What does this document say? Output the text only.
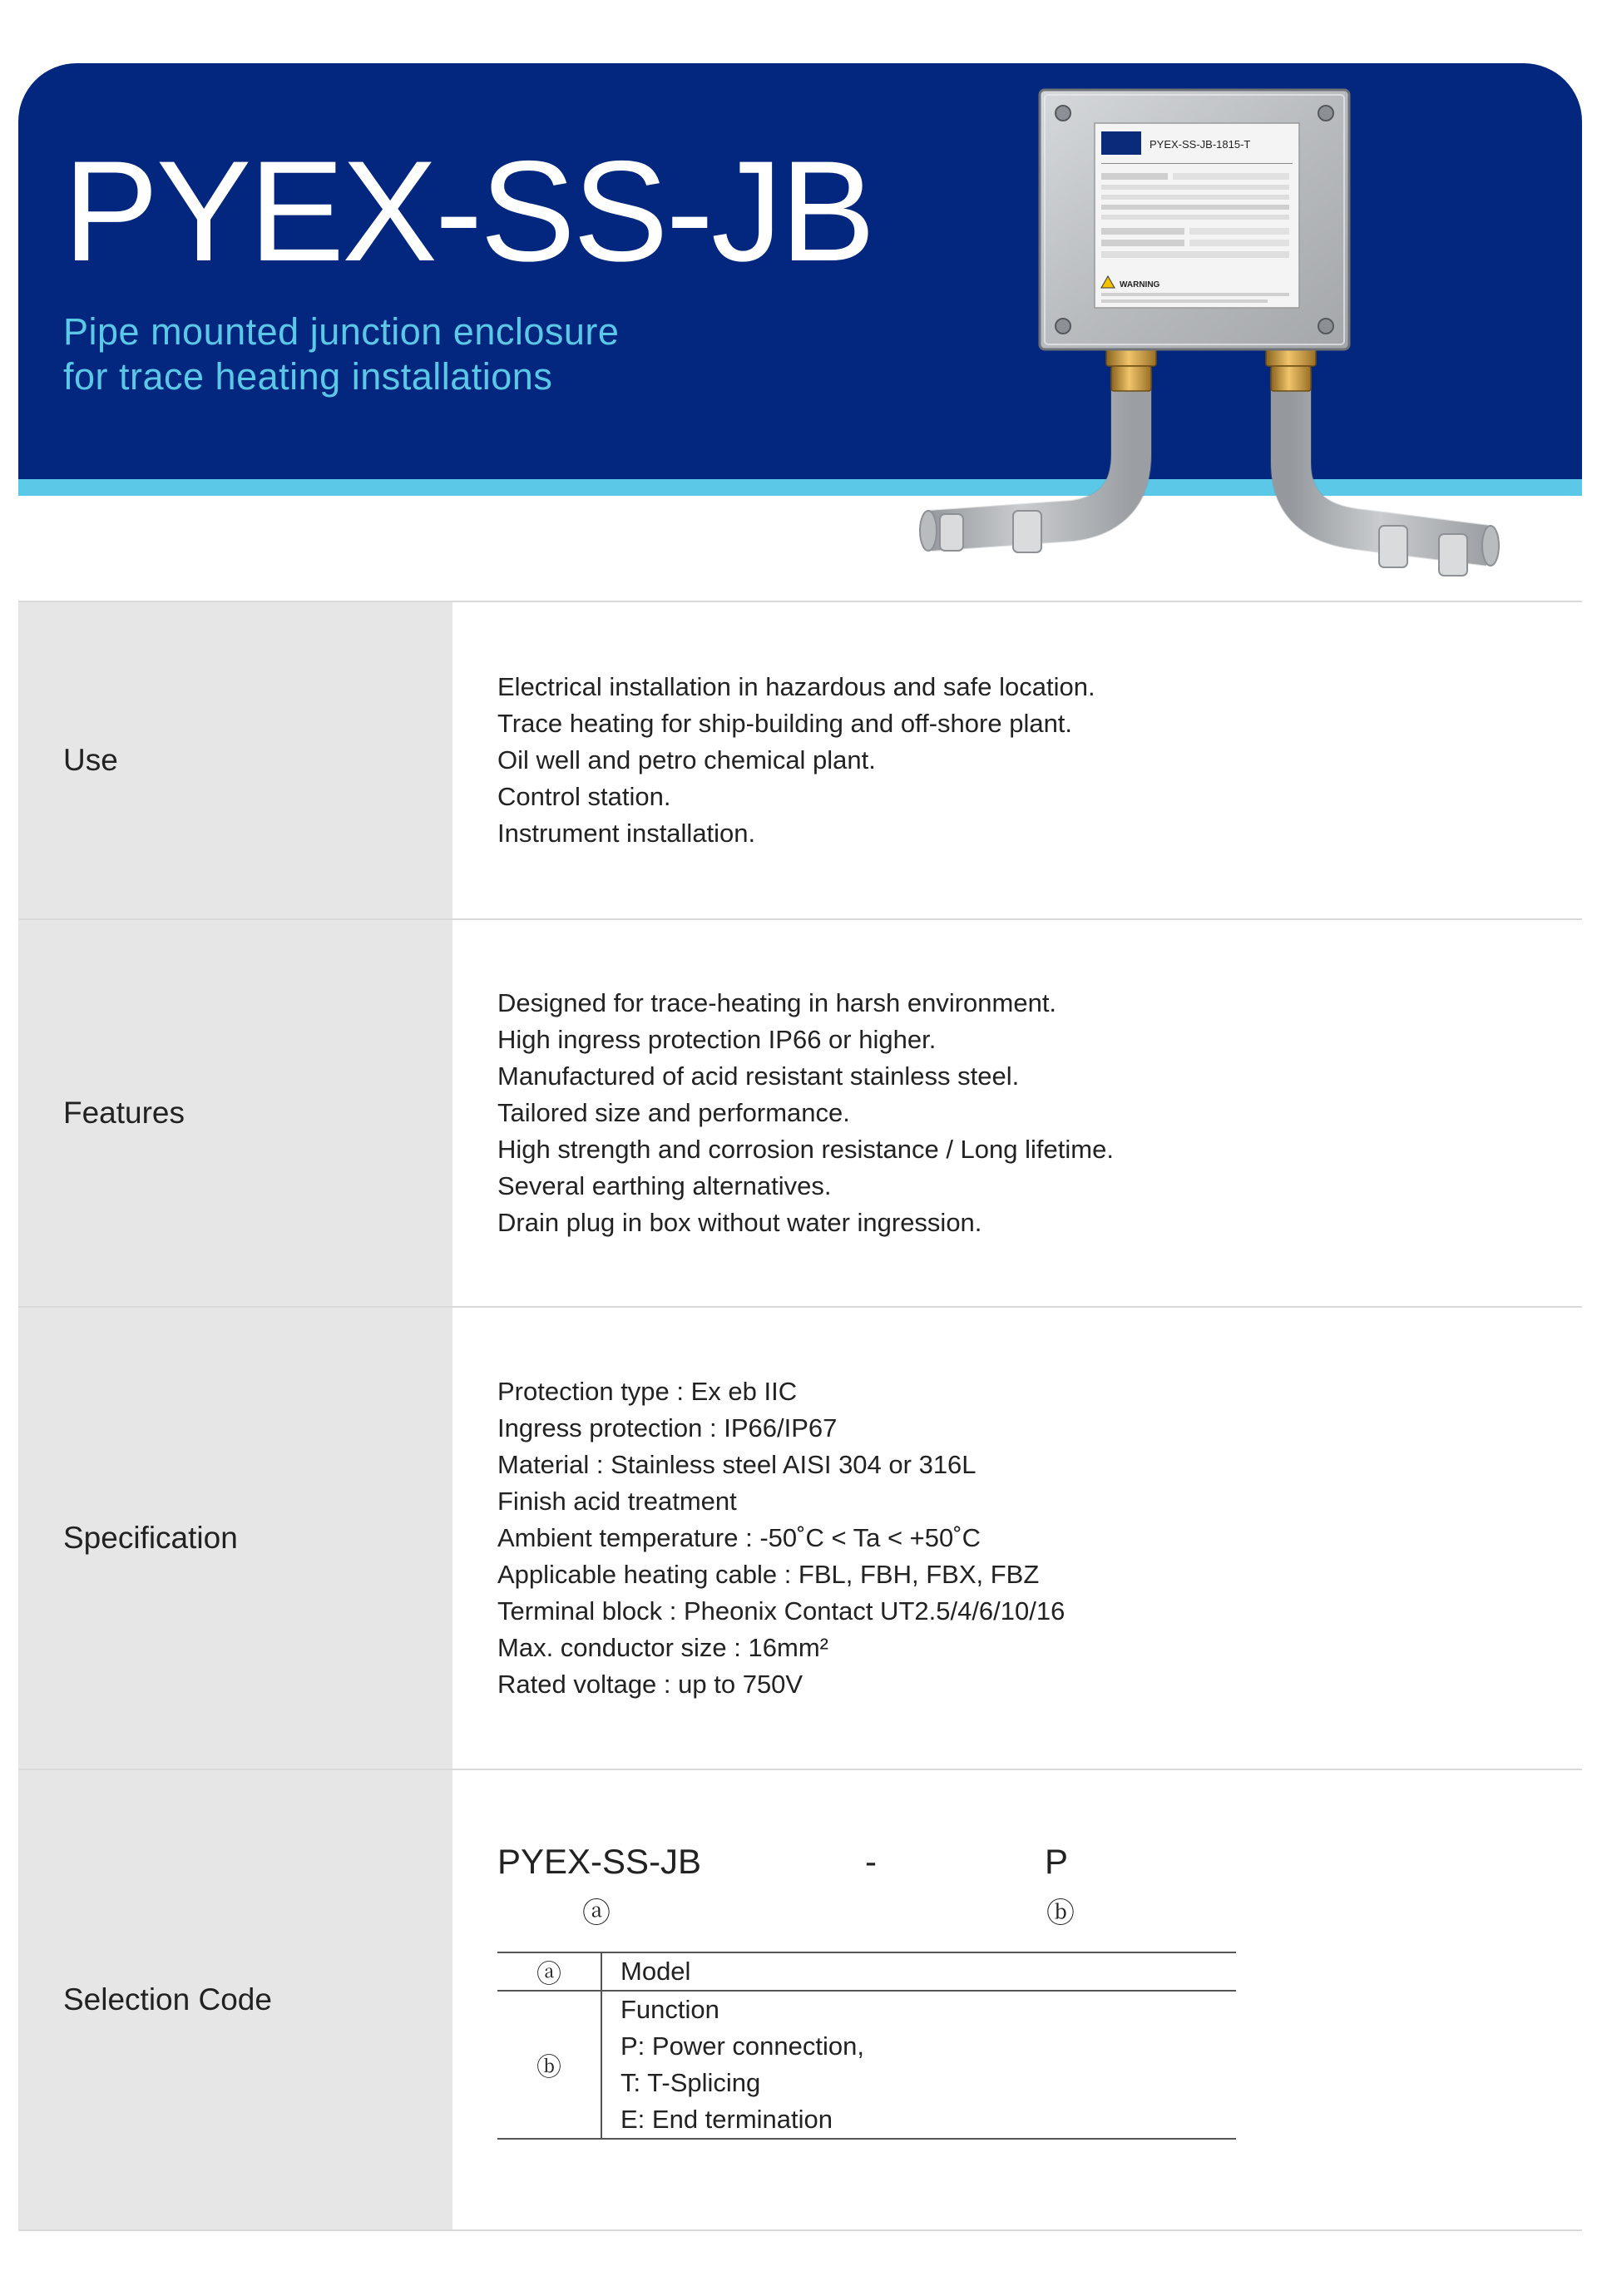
PYEX-SS-JB
Pipe mounted junction enclosure
for trace heating installations
PYEX-SS-JB-1815-T
WARNING
Use
Electrical installation in hazardous and safe location.
Trace heating for ship-building and off-shore plant.
Oil well and petro chemical plant.
Control station.
Instrument installation.
Features
Designed for trace-heating in harsh environment.
High ingress protection IP66 or higher.
Manufactured of acid resistant stainless steel.
Tailored size and performance.
High strength and corrosion resistance / Long lifetime.
Several earthing alternatives.
Drain plug in box without water ingression.
Specification
Protection type : Ex eb IIC
Ingress protection : IP66/IP67
Material : Stainless steel AISI 304 or 316L
Finish acid treatment
Ambient temperature : -50˚C < Ta < +50˚C
Applicable heating cable : FBL, FBH, FBX, FBZ
Terminal block : Pheonix Contact UT2.5/4/6/10/16
Max. conductor size : 16mm²
Rated voltage : up to 750V
Selection Code
PYEX-SS-JB	-	P
ⓐ	ⓑ
ⓐ	Model

ⓑ	Function
P: Power connection,
T: T-Splicing
E: End termination
